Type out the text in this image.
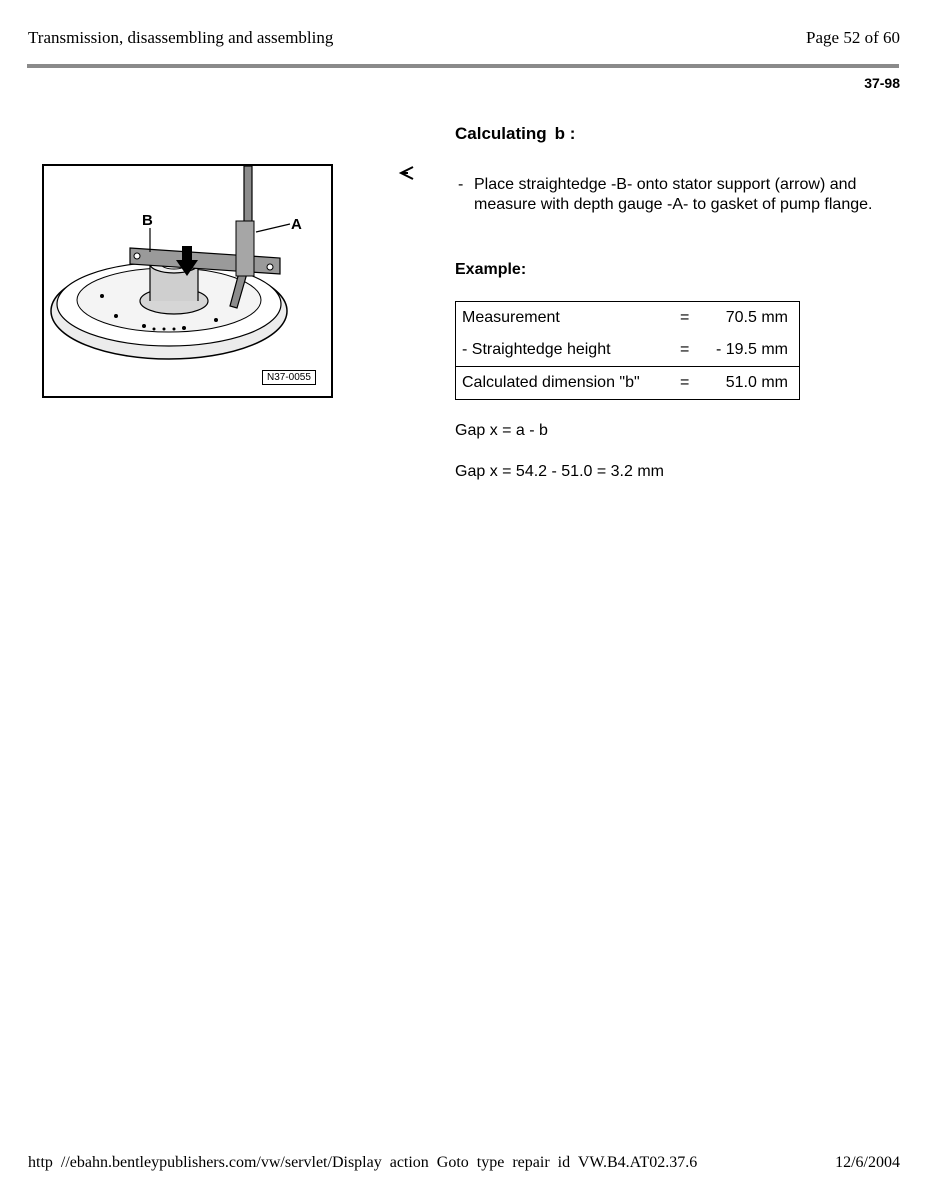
Transmission, disassembling and assembling	Page 52 of 60
37-98
B	A
N37-0055
Calculating b :
- Place straightedge -B- onto stator support (arrow) and measure with depth gauge -A- to gasket of pump flange.
Example:
Measurement	= 70.5 mm
- Straightedge height	= - 19.5 mm
Calculated dimension "b"	= 51.0 mm
Gap x = a - b
Gap x = 54.2 - 51.0 = 3.2 mm
http //ebahn.bentleypublishers.com/vw/servlet/Display action Goto type repair id VW.B4.AT02.37.6	12/6/2004
